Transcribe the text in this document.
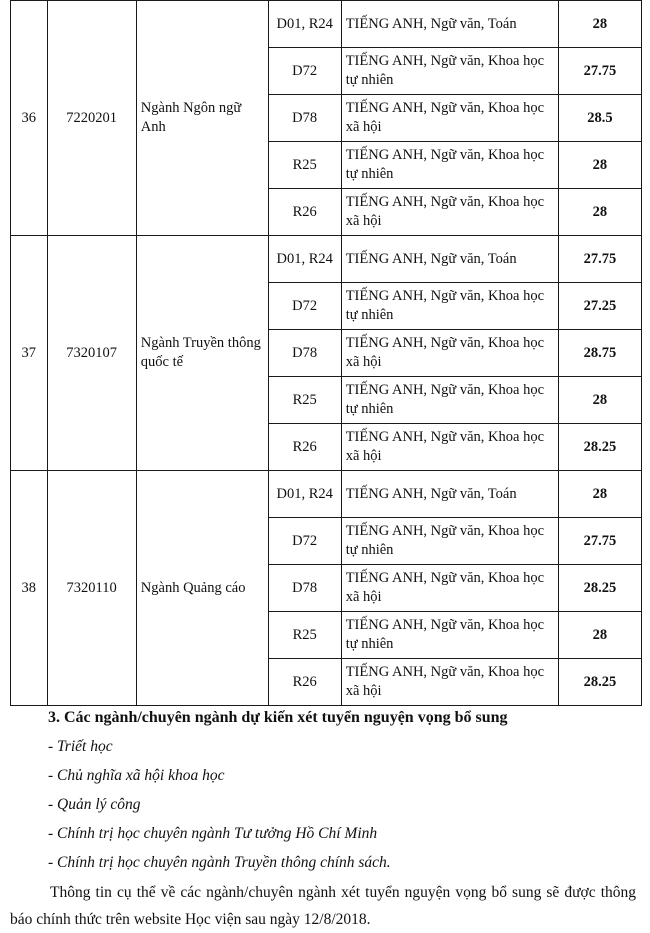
36	7220201	Ngành Ngôn ngữ Anh	D01, R24	TIẾNG ANH, Ngữ văn, Toán	28
			D72	TIẾNG ANH, Ngữ văn, Khoa học tự nhiên	27.75
			D78	TIẾNG ANH, Ngữ văn, Khoa học xã hội	28.5
			R25	TIẾNG ANH, Ngữ văn, Khoa học tự nhiên	28
			R26	TIẾNG ANH, Ngữ văn, Khoa học xã hội	28
37	7320107	Ngành Truyền thông quốc tế	D01, R24	TIẾNG ANH, Ngữ văn, Toán	27.75
			D72	TIẾNG ANH, Ngữ văn, Khoa học tự nhiên	27.25
			D78	TIẾNG ANH, Ngữ văn, Khoa học xã hội	28.75
			R25	TIẾNG ANH, Ngữ văn, Khoa học tự nhiên	28
			R26	TIẾNG ANH, Ngữ văn, Khoa học xã hội	28.25
38	7320110	Ngành Quảng cáo	D01, R24	TIẾNG ANH, Ngữ văn, Toán	28
			D72	TIẾNG ANH, Ngữ văn, Khoa học tự nhiên	27.75
			D78	TIẾNG ANH, Ngữ văn, Khoa học xã hội	28.25
			R25	TIẾNG ANH, Ngữ văn, Khoa học tự nhiên	28
			R26	TIẾNG ANH, Ngữ văn, Khoa học xã hội	28.25
3. Các ngành/chuyên ngành dự kiến xét tuyển nguyện vọng bổ sung
- Triết học
- Chủ nghĩa xã hội khoa học
- Quản lý công
- Chính trị học chuyên ngành Tư tưởng Hồ Chí Minh
- Chính trị học chuyên ngành Truyền thông chính sách.
Thông tin cụ thể về các ngành/chuyên ngành xét tuyển nguyện vọng bổ sung sẽ được thông báo chính thức trên website Học viện sau ngày 12/8/2018.
